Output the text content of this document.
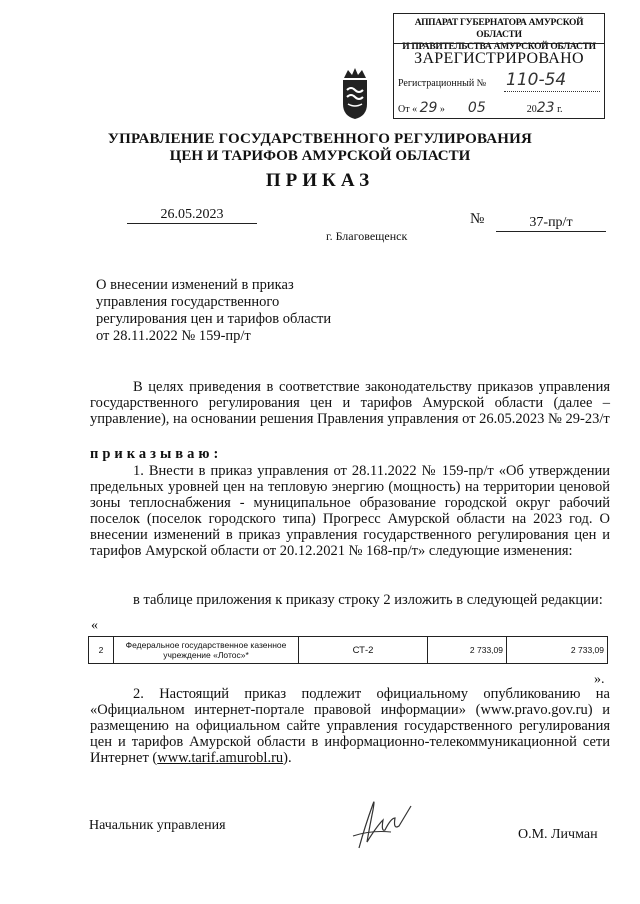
АППАРАТ ГУБЕРНАТОРА АМУРСКОЙ ОБЛАСТИ
И ПРАВИТЕЛЬСТВА АМУРСКОЙ ОБЛАСТИ
ЗАРЕГИСТРИРОВАНО
Регистрационный № 110-54
От « 29 » 05	2023 г.
УПРАВЛЕНИЕ ГОСУДАРСТВЕННОГО РЕГУЛИРОВАНИЯ
ЦЕН И ТАРИФОВ АМУРСКОЙ ОБЛАСТИ
ПРИКАЗ
26.05.2023	№	37-пр/т
г. Благовещенск
О внесении изменений в приказ управления государственного регулирования цен и тарифов области от 28.11.2022 № 159-пр/т
В целях приведения в соответствие законодательству приказов управления государственного регулирования цен и тарифов Амурской области (далее – управление), на основании решения Правления управления от 26.05.2023 № 29-23/т
приказываю:
1. Внести в приказ управления от 28.11.2022 № 159-пр/т «Об утверждении предельных уровней цен на тепловую энергию (мощность) на территории ценовой зоны теплоснабжения - муниципальное образование городской округ рабочий поселок (поселок городского типа) Прогресс Амурской области на 2023 год. О внесении изменений в приказ управления государственного регулирования цен и тарифов Амурской области от 20.12.2021 № 168-пр/т» следующие изменения:
в таблице приложения к приказу строку 2 изложить в следующей редакции:
«
2	Федеральное государственное казенное учреждение «Лотос»*	СТ-2	2 733,09	2 733,09
».
2. Настоящий приказ подлежит официальному опубликованию на «Официальном интернет-портале правовой информации» (www.pravo.gov.ru) и размещению на официальном сайте управления государственного регулирования цен и тарифов Амурской области в информационно-телекоммуникационной сети Интернет (www.tarif.amurobl.ru).
Начальник управления
О.М. Личман
